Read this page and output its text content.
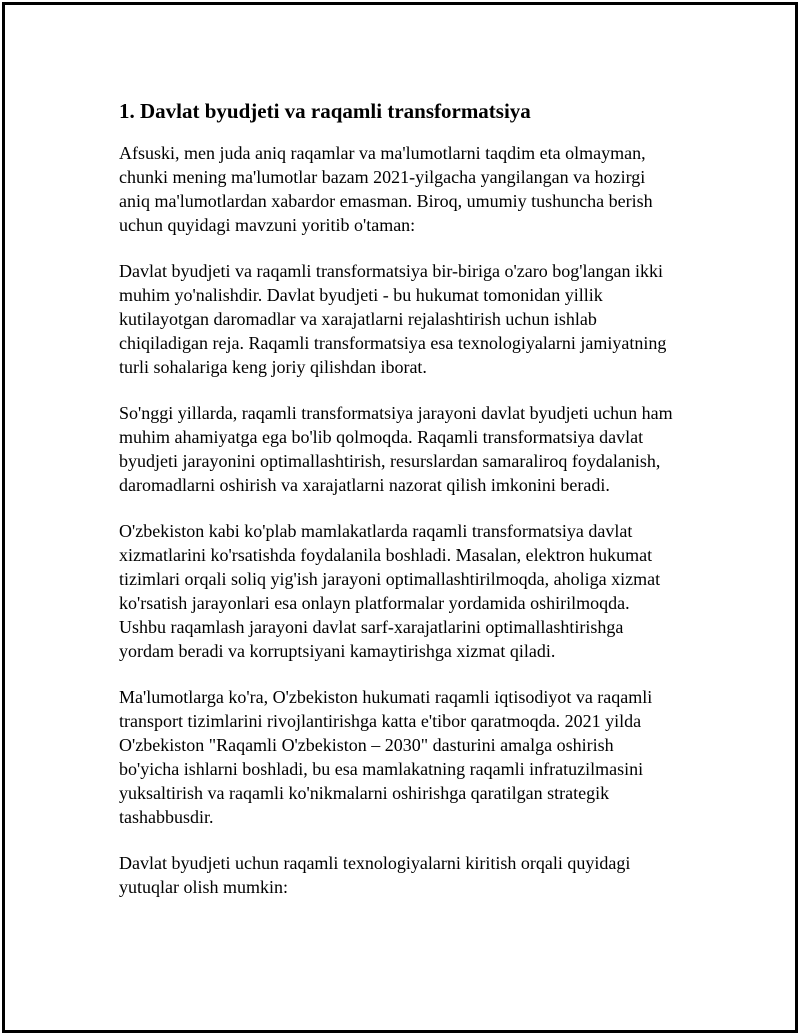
1. Davlat byudjeti va raqamli transformatsiya

Afsuski, men juda aniq raqamlar va ma'lumotlarni taqdim eta olmayman,
chunki mening ma'lumotlar bazam 2021-yilgacha yangilangan va hozirgi
aniq ma'lumotlardan xabardor emasman. Biroq, umumiy tushuncha berish
uchun quyidagi mavzuni yoritib o'taman:

Davlat byudjeti va raqamli transformatsiya bir-biriga o'zaro bog'langan ikki
muhim yo'nalishdir. Davlat byudjeti - bu hukumat tomonidan yillik
kutilayotgan daromadlar va xarajatlarni rejalashtirish uchun ishlab
chiqiladigan reja. Raqamli transformatsiya esa texnologiyalarni jamiyatning
turli sohalariga keng joriy qilishdan iborat.

So'nggi yillarda, raqamli transformatsiya jarayoni davlat byudjeti uchun ham
muhim ahamiyatga ega bo'lib qolmoqda. Raqamli transformatsiya davlat
byudjeti jarayonini optimallashtirish, resurslardan samaraliroq foydalanish,
daromadlarni oshirish va xarajatlarni nazorat qilish imkonini beradi.

O'zbekiston kabi ko'plab mamlakatlarda raqamli transformatsiya davlat
xizmatlarini ko'rsatishda foydalanila boshladi. Masalan, elektron hukumat
tizimlari orqali soliq yig'ish jarayoni optimallashtirilmoqda, aholiga xizmat
ko'rsatish jarayonlari esa onlayn platformalar yordamida oshirilmoqda.
Ushbu raqamlash jarayoni davlat sarf-xarajatlarini optimallashtirishga
yordam beradi va korruptsiyani kamaytirishga xizmat qiladi.

Ma'lumotlarga ko'ra, O'zbekiston hukumati raqamli iqtisodiyot va raqamli
transport tizimlarini rivojlantirishga katta e'tibor qaratmoqda. 2021 yilda
O'zbekiston "Raqamli O'zbekiston – 2030" dasturini amalga oshirish
bo'yicha ishlarni boshladi, bu esa mamlakatning raqamli infratuzilmasini
yuksaltirish va raqamli ko'nikmalarni oshirishga qaratilgan strategik
tashabbusdir.

Davlat byudjeti uchun raqamli texnologiyalarni kiritish orqali quyidagi
yutuqlar olish mumkin:
